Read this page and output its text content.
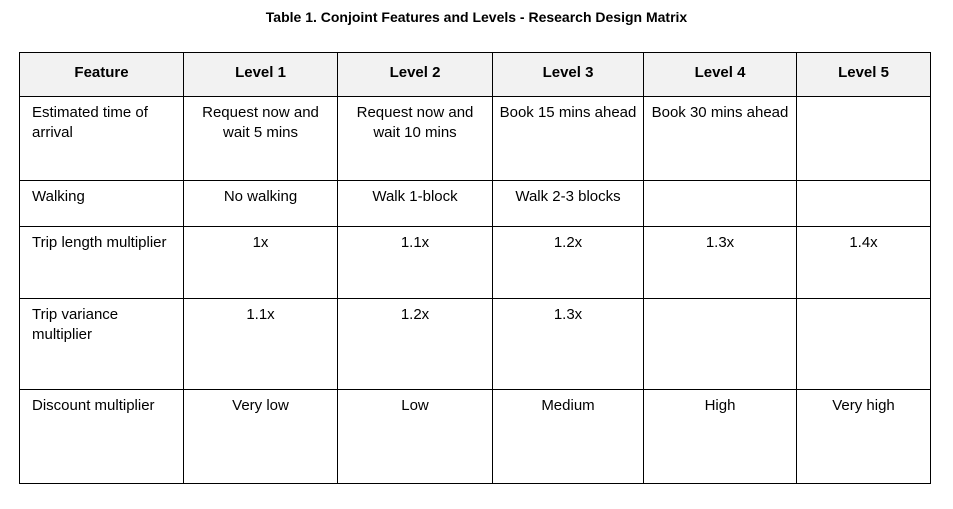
Table 1. Conjoint Features and Levels - Research Design Matrix
Feature	Level 1	Level 2	Level 3	Level 4	Level 5
Estimated time of arrival	Request now and wait 5 mins	Request now and wait 10 mins	Book 15 mins ahead	Book 30 mins ahead	
Walking	No walking	Walk 1-block	Walk 2-3 blocks		
Trip length multiplier	1x	1.1x	1.2x	1.3x	1.4x
Trip variance multiplier	1.1x	1.2x	1.3x		
Discount multiplier	Very low	Low	Medium	High	Very high
